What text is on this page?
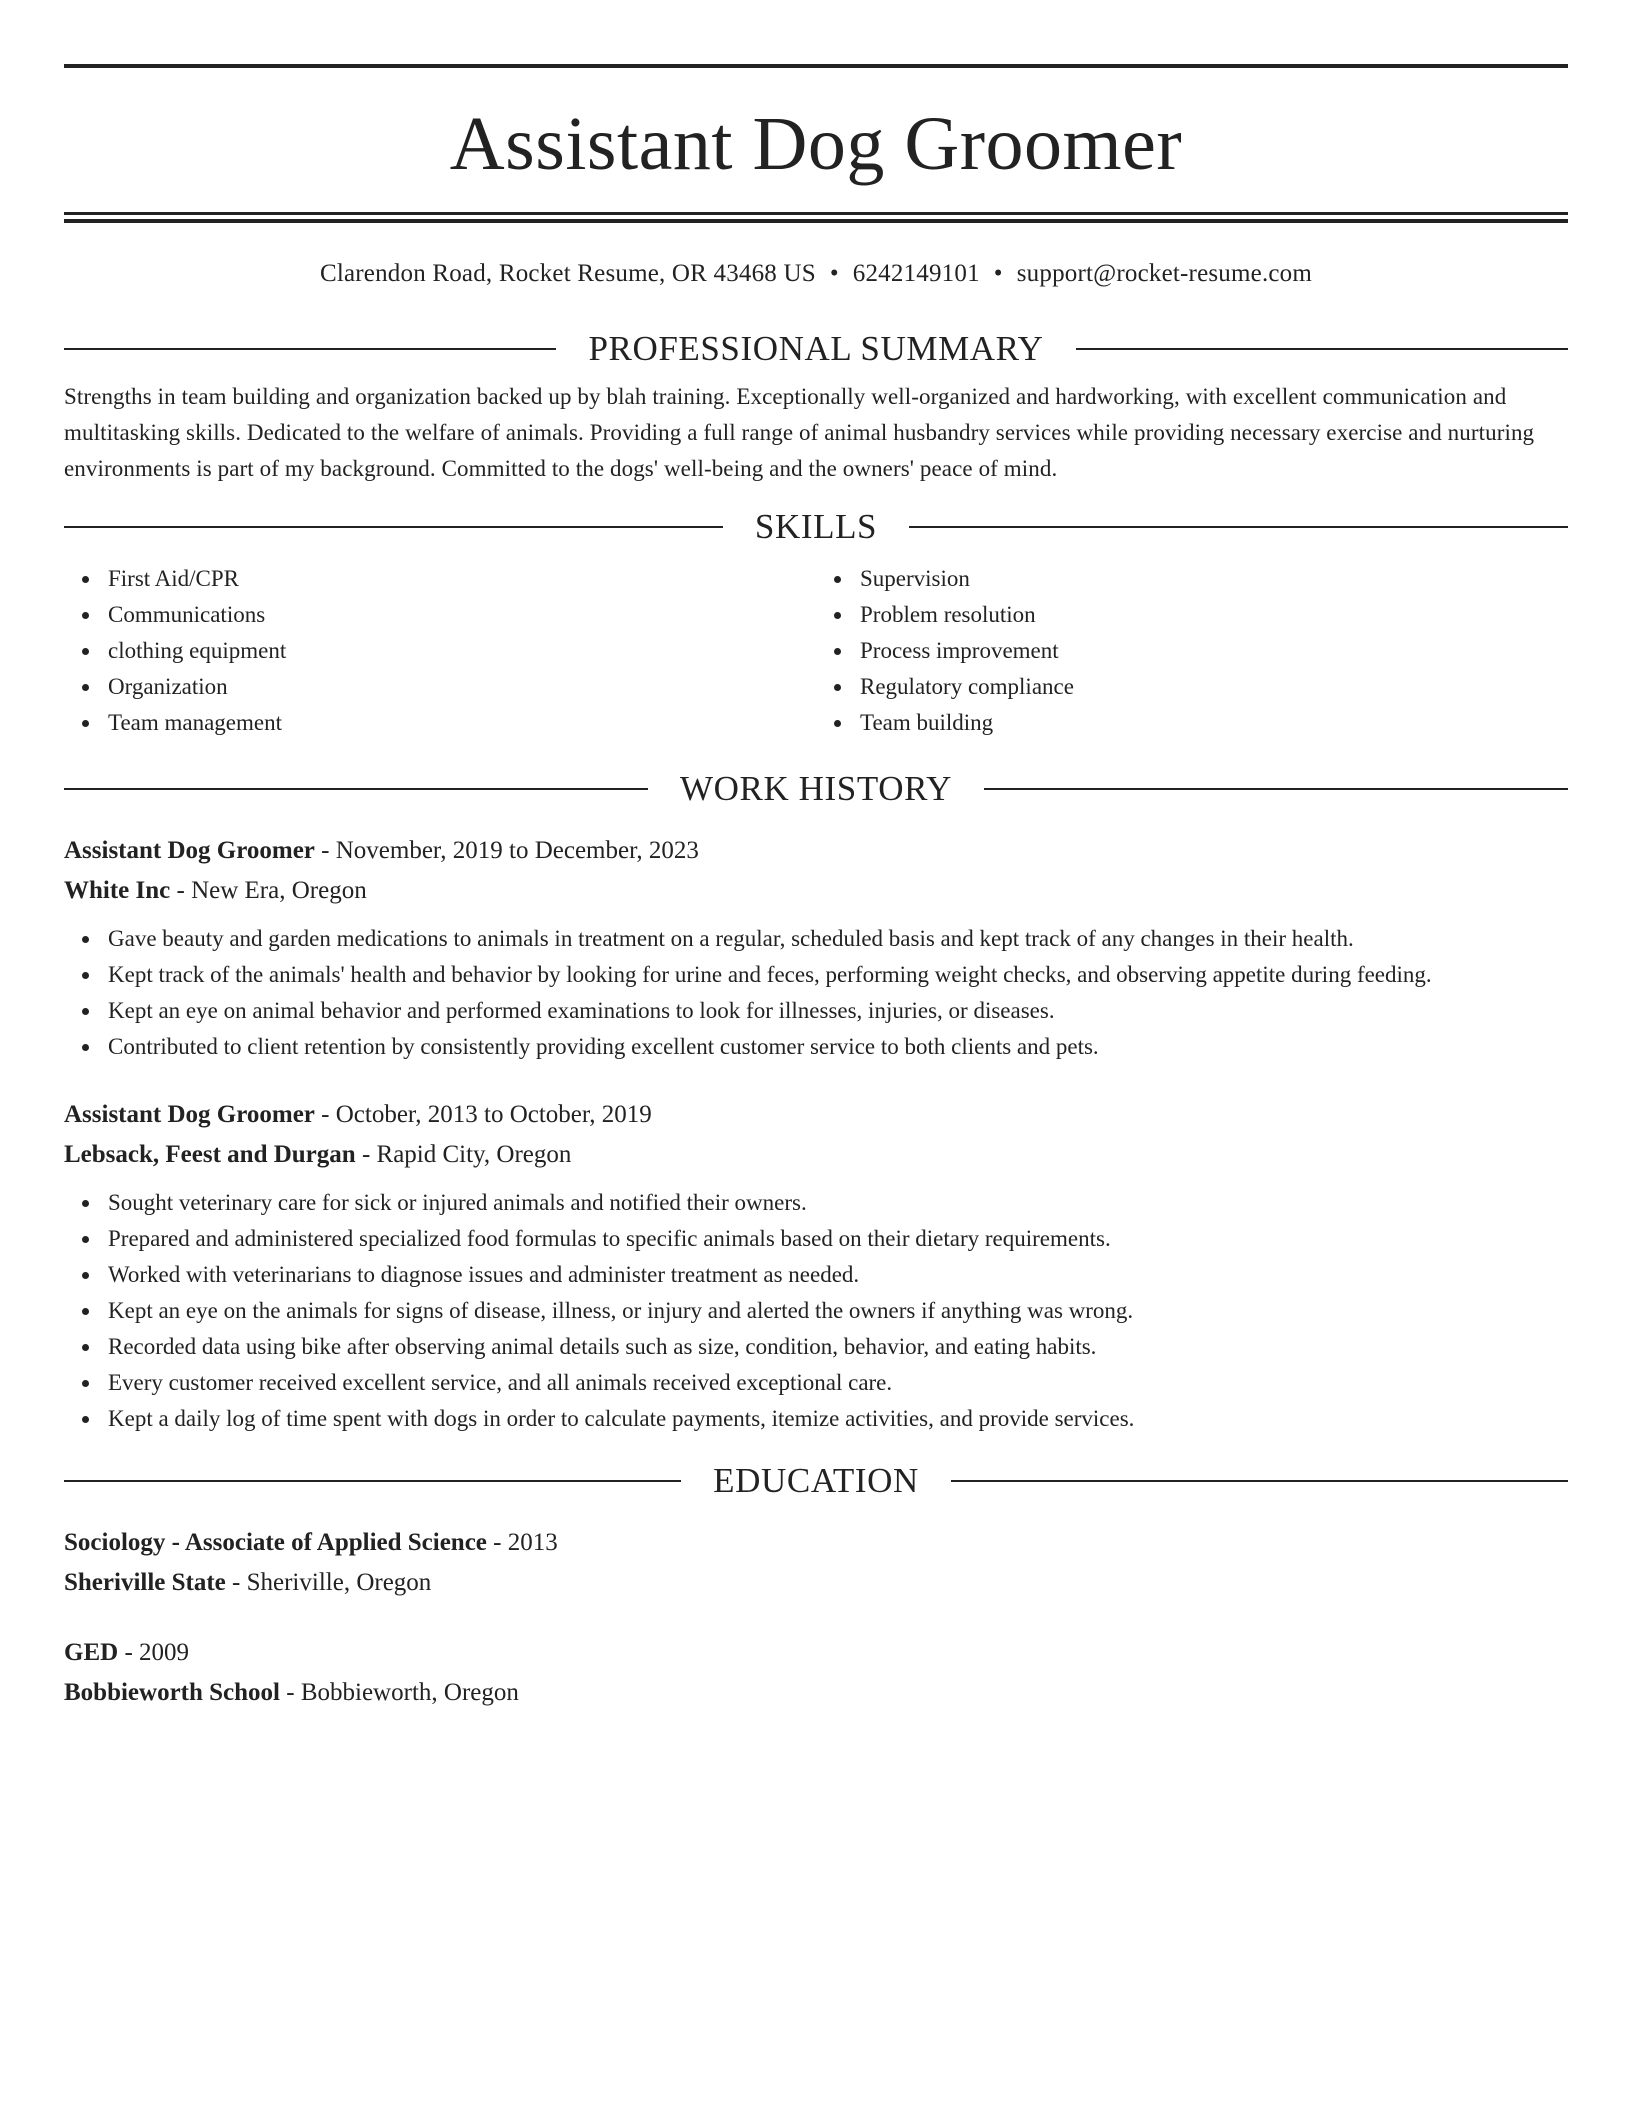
Assistant Dog Groomer
Clarendon Road, Rocket Resume, OR 43468 US • 6242149101 • support@rocket-resume.com
PROFESSIONAL SUMMARY
Strengths in team building and organization backed up by blah training. Exceptionally well-organized and hardworking, with excellent communication and multitasking skills. Dedicated to the welfare of animals. Providing a full range of animal husbandry services while providing necessary exercise and nurturing environments is part of my background. Committed to the dogs' well-being and the owners' peace of mind.
SKILLS
First Aid/CPR
Communications
clothing equipment
Organization
Team management
Supervision
Problem resolution
Process improvement
Regulatory compliance
Team building
WORK HISTORY
Assistant Dog Groomer - November, 2019 to December, 2023
White Inc - New Era, Oregon
Gave beauty and garden medications to animals in treatment on a regular, scheduled basis and kept track of any changes in their health.
Kept track of the animals' health and behavior by looking for urine and feces, performing weight checks, and observing appetite during feeding.
Kept an eye on animal behavior and performed examinations to look for illnesses, injuries, or diseases.
Contributed to client retention by consistently providing excellent customer service to both clients and pets.
Assistant Dog Groomer - October, 2013 to October, 2019
Lebsack, Feest and Durgan - Rapid City, Oregon
Sought veterinary care for sick or injured animals and notified their owners.
Prepared and administered specialized food formulas to specific animals based on their dietary requirements.
Worked with veterinarians to diagnose issues and administer treatment as needed.
Kept an eye on the animals for signs of disease, illness, or injury and alerted the owners if anything was wrong.
Recorded data using bike after observing animal details such as size, condition, behavior, and eating habits.
Every customer received excellent service, and all animals received exceptional care.
Kept a daily log of time spent with dogs in order to calculate payments, itemize activities, and provide services.
EDUCATION
Sociology - Associate of Applied Science - 2013
Sheriville State - Sheriville, Oregon
GED - 2009
Bobbieworth School - Bobbieworth, Oregon
